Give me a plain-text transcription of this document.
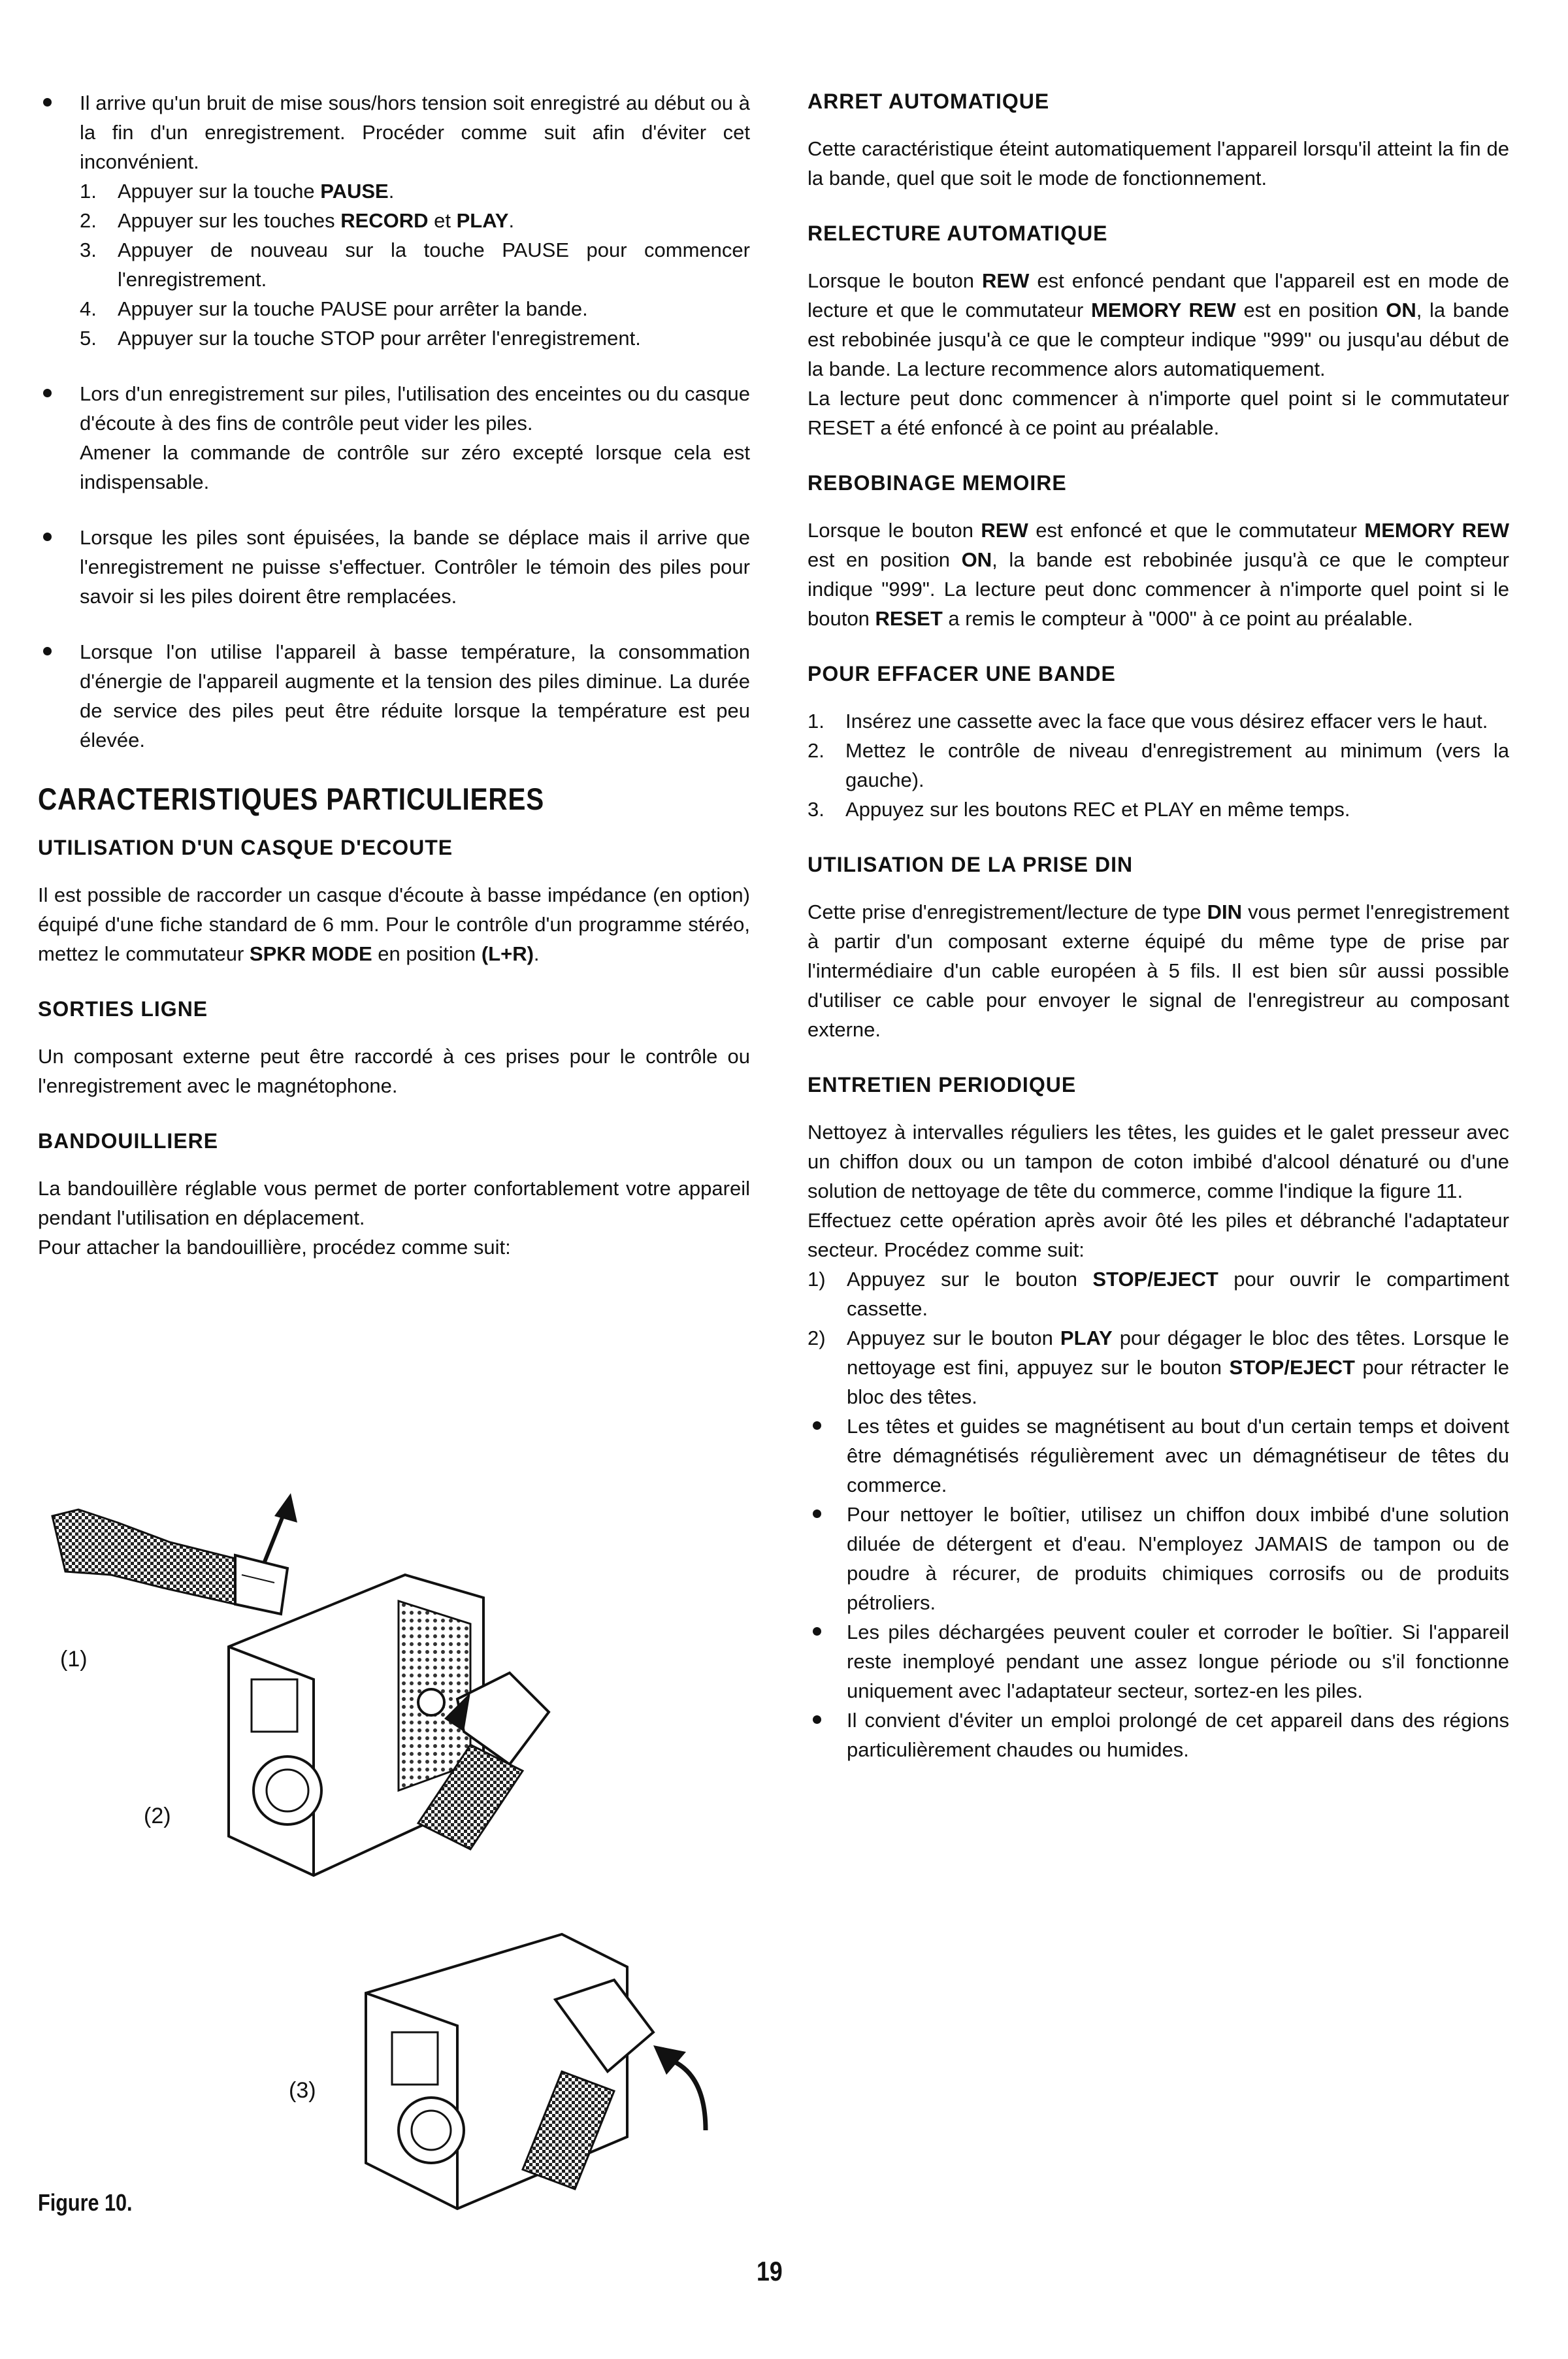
Il arrive qu'un bruit de mise sous/hors tension soit enregistré au début ou à la fin d'un enregistrement. Procéder comme suit afin d'éviter cet inconvénient.

1. Appuyer sur la touche PAUSE.
2. Appuyer sur les touches RECORD et PLAY.
3. Appuyer de nouveau sur la touche PAUSE pour commencer l'enregistrement.
4. Appuyer sur la touche PAUSE pour arrêter la bande.
5. Appuyer sur la touche STOP pour arrêter l'enregistrement.

Lors d'un enregistrement sur piles, l'utilisation des enceintes ou du casque d'écoute à des fins de contrôle peut vider les piles.

Amener la commande de contrôle sur zéro excepté lorsque cela est indispensable.

Lorsque les piles sont épuisées, la bande se déplace mais il arrive que l'enregistrement ne puisse s'effectuer. Contrôler le témoin des piles pour savoir si les piles doirent être remplacées.

Lorsque l'on utilise l'appareil à basse température, la consommation d'énergie de l'appareil augmente et la tension des piles diminue. La durée de service des piles peut être réduite lorsque la température est peu élevée.

CARACTERISTIQUES PARTICULIERES
UTILISATION D'UN CASQUE D'ECOUTE

Il est possible de raccorder un casque d'écoute à basse impédance (en option) équipé d'une fiche standard de 6 mm. Pour le contrôle d'un programme stéréo, mettez le commutateur SPKR MODE en position (L+R).

SORTIES LIGNE

Un composant externe peut être raccordé à ces prises pour le contrôle ou l'enregistrement avec le magnétophone.

BANDOUILLIERE

La bandouillère réglable vous permet de porter confortablement votre appareil pendant l'utilisation en déplacement.

Pour attacher la bandouillière, procédez comme suit:

(1)
(2)
(3)
Figure 10.
ARRET AUTOMATIQUE

Cette caractéristique éteint automatiquement l'appareil lorsqu'il atteint la fin de la bande, quel que soit le mode de fonctionnement.

RELECTURE AUTOMATIQUE

Lorsque le bouton REW est enfoncé pendant que l'appareil est en mode de lecture et que le commutateur MEMORY REW est en position ON, la bande est rebobinée jusqu'à ce que le compteur indique "999" ou jusqu'au début de la bande. La lecture recommence alors automatiquement.

La lecture peut donc commencer à n'importe quel point si le commutateur RESET a été enfoncé à ce point au préalable.

REBOBINAGE MEMOIRE

Lorsque le bouton REW est enfoncé et que le commutateur MEMORY REW est en position ON, la bande est rebobinée jusqu'à ce que le compteur indique "999". La lecture peut donc commencer à n'importe quel point si le bouton RESET a remis le compteur à "000" à ce point au préalable.

POUR EFFACER UNE BANDE
1. Insérez une cassette avec la face que vous désirez effacer vers le haut.
2. Mettez le contrôle de niveau d'enregistrement au minimum (vers la gauche).
3. Appuyez sur les boutons REC et PLAY en même temps.
UTILISATION DE LA PRISE DIN

Cette prise d'enregistrement/lecture de type DIN vous permet l'enregistrement à partir d'un composant externe équipé du même type de prise par l'intermédiaire d'un cable européen à 5 fils. Il est bien sûr aussi possible d'utiliser ce cable pour envoyer le signal de l'enregistreur au composant externe.

ENTRETIEN PERIODIQUE

Nettoyez à intervalles réguliers les têtes, les guides et le galet presseur avec un chiffon doux ou un tampon de coton imbibé d'alcool dénaturé ou d'une solution de nettoyage de tête du commerce, comme l'indique la figure 11.

Effectuez cette opération après avoir ôté les piles et débranché l'adaptateur secteur. Procédez comme suit:

1) Appuyez sur le bouton STOP/EJECT pour ouvrir le compartiment cassette.
2) Appuyez sur le bouton PLAY pour dégager le bloc des têtes. Lorsque le nettoyage est fini, appuyez sur le bouton STOP/EJECT pour rétracter le bloc des têtes.
Les têtes et guides se magnétisent au bout d'un certain temps et doivent être démagnétisés régulièrement avec un démagnétiseur de têtes du commerce.
Pour nettoyer le boîtier, utilisez un chiffon doux imbibé d'une solution diluée de détergent et d'eau. N'employez JAMAIS de tampon ou de poudre à récurer, de produits chimiques corrosifs ou de produits pétroliers.
Les piles déchargées peuvent couler et corroder le boîtier. Si l'appareil reste inemployé pendant une assez longue période ou s'il fonctionne uniquement avec l'adaptateur secteur, sortez-en les piles.
Il convient d'éviter un emploi prolongé de cet appareil dans des régions particulièrement chaudes ou humides.
19
